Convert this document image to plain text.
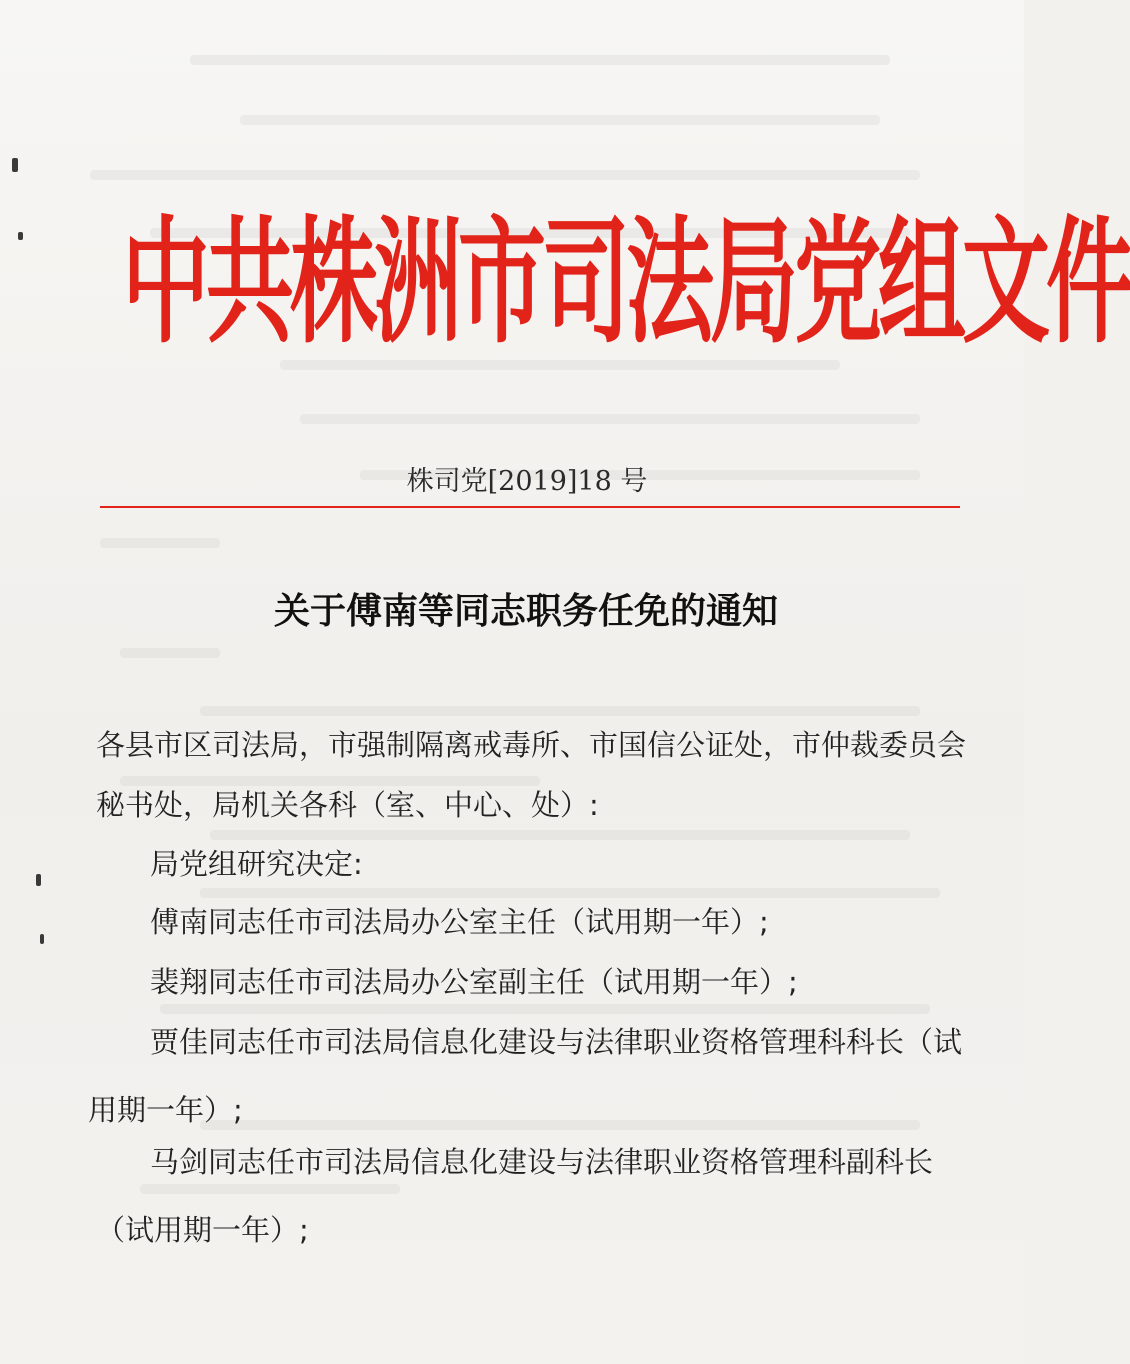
中共株洲市司法局党组文件
株司党[2019]18 号
关于傅南等同志职务任免的通知
各县市区司法局，市强制隔离戒毒所、市国信公证处，市仲裁委员会
秘书处，局机关各科（室、中心、处）:
局党组研究决定:
傅南同志任市司法局办公室主任（试用期一年）;
裴翔同志任市司法局办公室副主任（试用期一年）;
贾佳同志任市司法局信息化建设与法律职业资格管理科科长（试
用期一年）;
马剑同志任市司法局信息化建设与法律职业资格管理科副科长
（试用期一年）;
